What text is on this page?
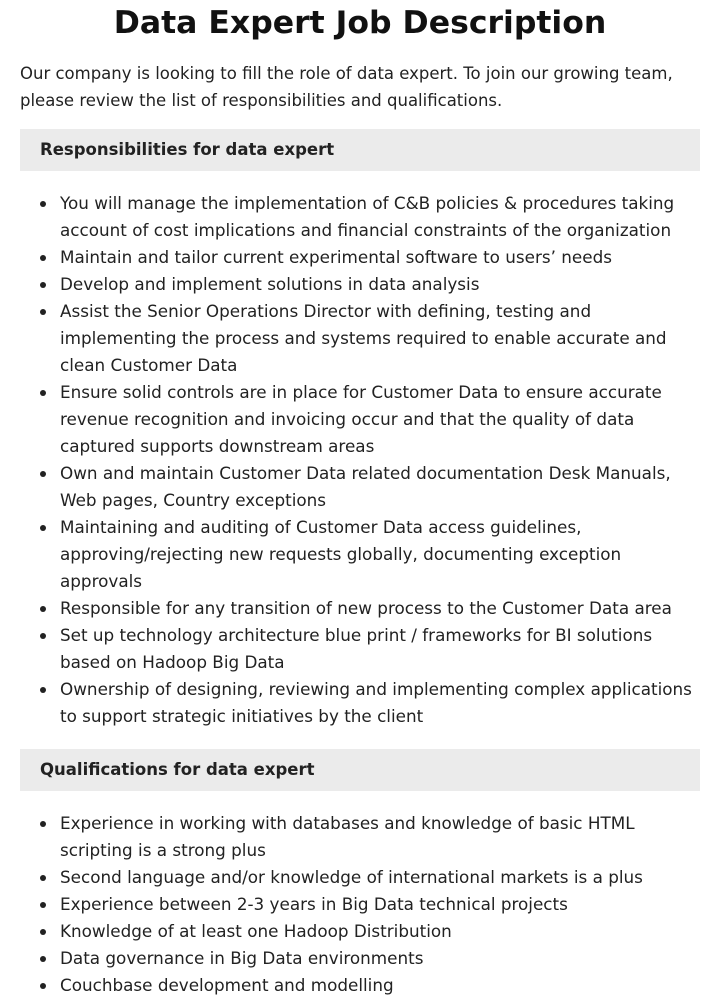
Data Expert Job Description

Our company is looking to fill the role of data expert. To join our growing team, please review the list of responsibilities and qualifications.

Responsibilities for data expert
You will manage the implementation of C&B policies & procedures taking account of cost implications and financial constraints of the organization
Maintain and tailor current experimental software to users’ needs
Develop and implement solutions in data analysis
Assist the Senior Operations Director with defining, testing and implementing the process and systems required to enable accurate and clean Customer Data
Ensure solid controls are in place for Customer Data to ensure accurate revenue recognition and invoicing occur and that the quality of data captured supports downstream areas
Own and maintain Customer Data related documentation Desk Manuals, Web pages, Country exceptions
Maintaining and auditing of Customer Data access guidelines, approving/rejecting new requests globally, documenting exception approvals
Responsible for any transition of new process to the Customer Data area
Set up technology architecture blue print / frameworks for BI solutions based on Hadoop Big Data
Ownership of designing, reviewing and implementing complex applications to support strategic initiatives by the client
Qualifications for data expert
Experience in working with databases and knowledge of basic HTML scripting is a strong plus
Second language and/or knowledge of international markets is a plus
Experience between 2-3 years in Big Data technical projects
Knowledge of at least one Hadoop Distribution
Data governance in Big Data environments
Couchbase development and modelling
